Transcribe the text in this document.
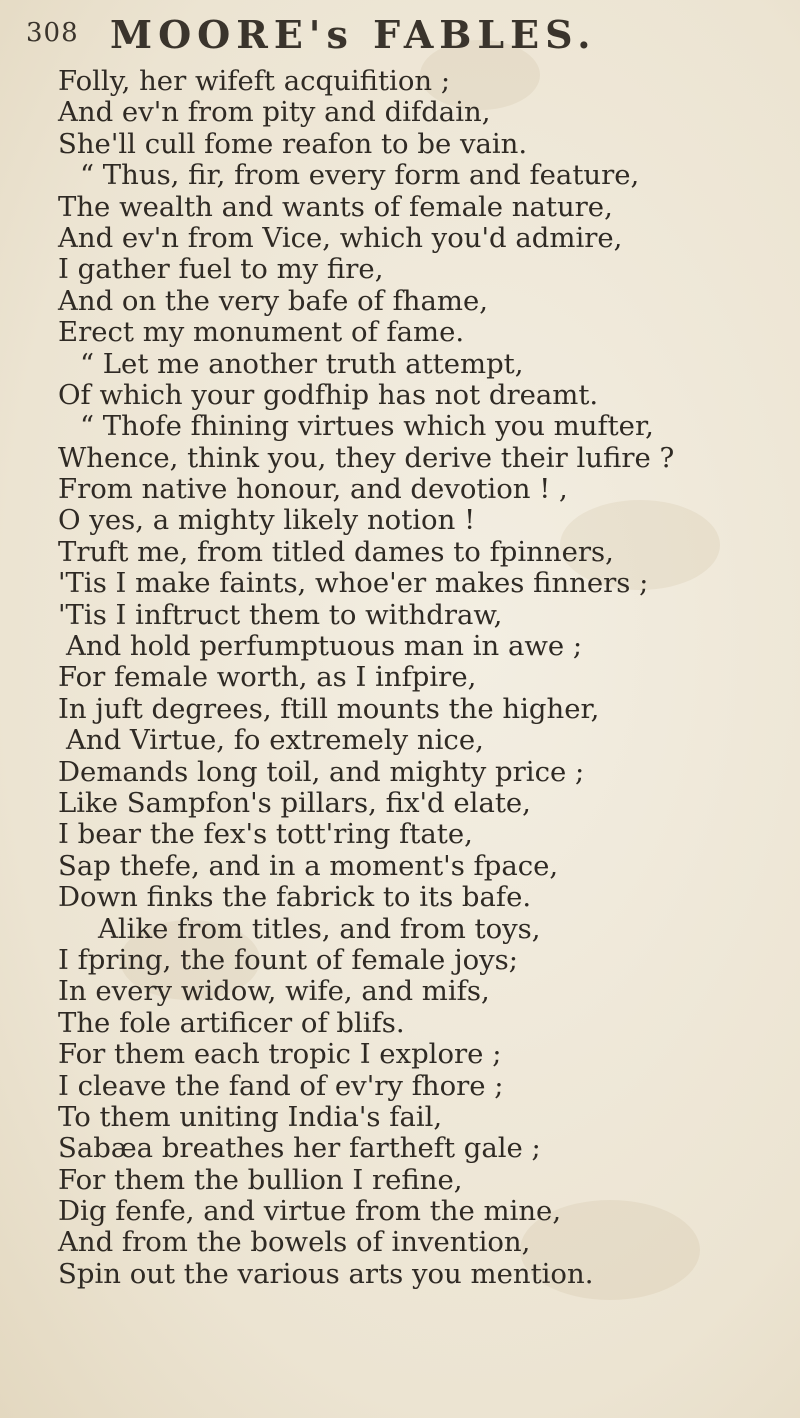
308 MOORE's FABLES.
Folly, her wifeft acquifition ;
And ev'n from pity and difdain,
She'll cull fome reafon to be vain.
“ Thus, fir, from every form and feature,
The wealth and wants of female nature,
And ev'n from Vice, which you'd admire,
I gather fuel to my fire,
And on the very bafe of fhame,
Erect my monument of fame.
“ Let me another truth attempt,
Of which your godfhip has not dreamt.
“ Thofe fhining virtues which you mufter,
Whence, think you, they derive their lufire ?
From native honour, and devotion ! ,
O yes, a mighty likely notion !
Truft me, from titled dames to fpinners,
'Tis I make faints, whoe'er makes finners ;
'Tis I inftruct them to withdraw,
And hold perfumptuous man in awe ;
For female worth, as I infpire,
In juft degrees, ftill mounts the higher,
And Virtue, fo extremely nice,
Demands long toil, and mighty price ;
Like Sampfon's pillars, fix'd elate,
I bear the fex's tott'ring ftate,
Sap thefe, and in a moment's fpace,
Down finks the fabrick to its bafe.
Alike from titles, and from toys,
I fpring, the fount of female joys;
In every widow, wife, and mifs,
The fole artificer of blifs.
For them each tropic I explore ;
I cleave the fand of ev'ry fhore ;
To them uniting India's fail,
Sabæa breathes her fartheft gale ;
For them the bullion I refine,
Dig fenfe, and virtue from the mine,
And from the bowels of invention,
Spin out the various arts you mention.
